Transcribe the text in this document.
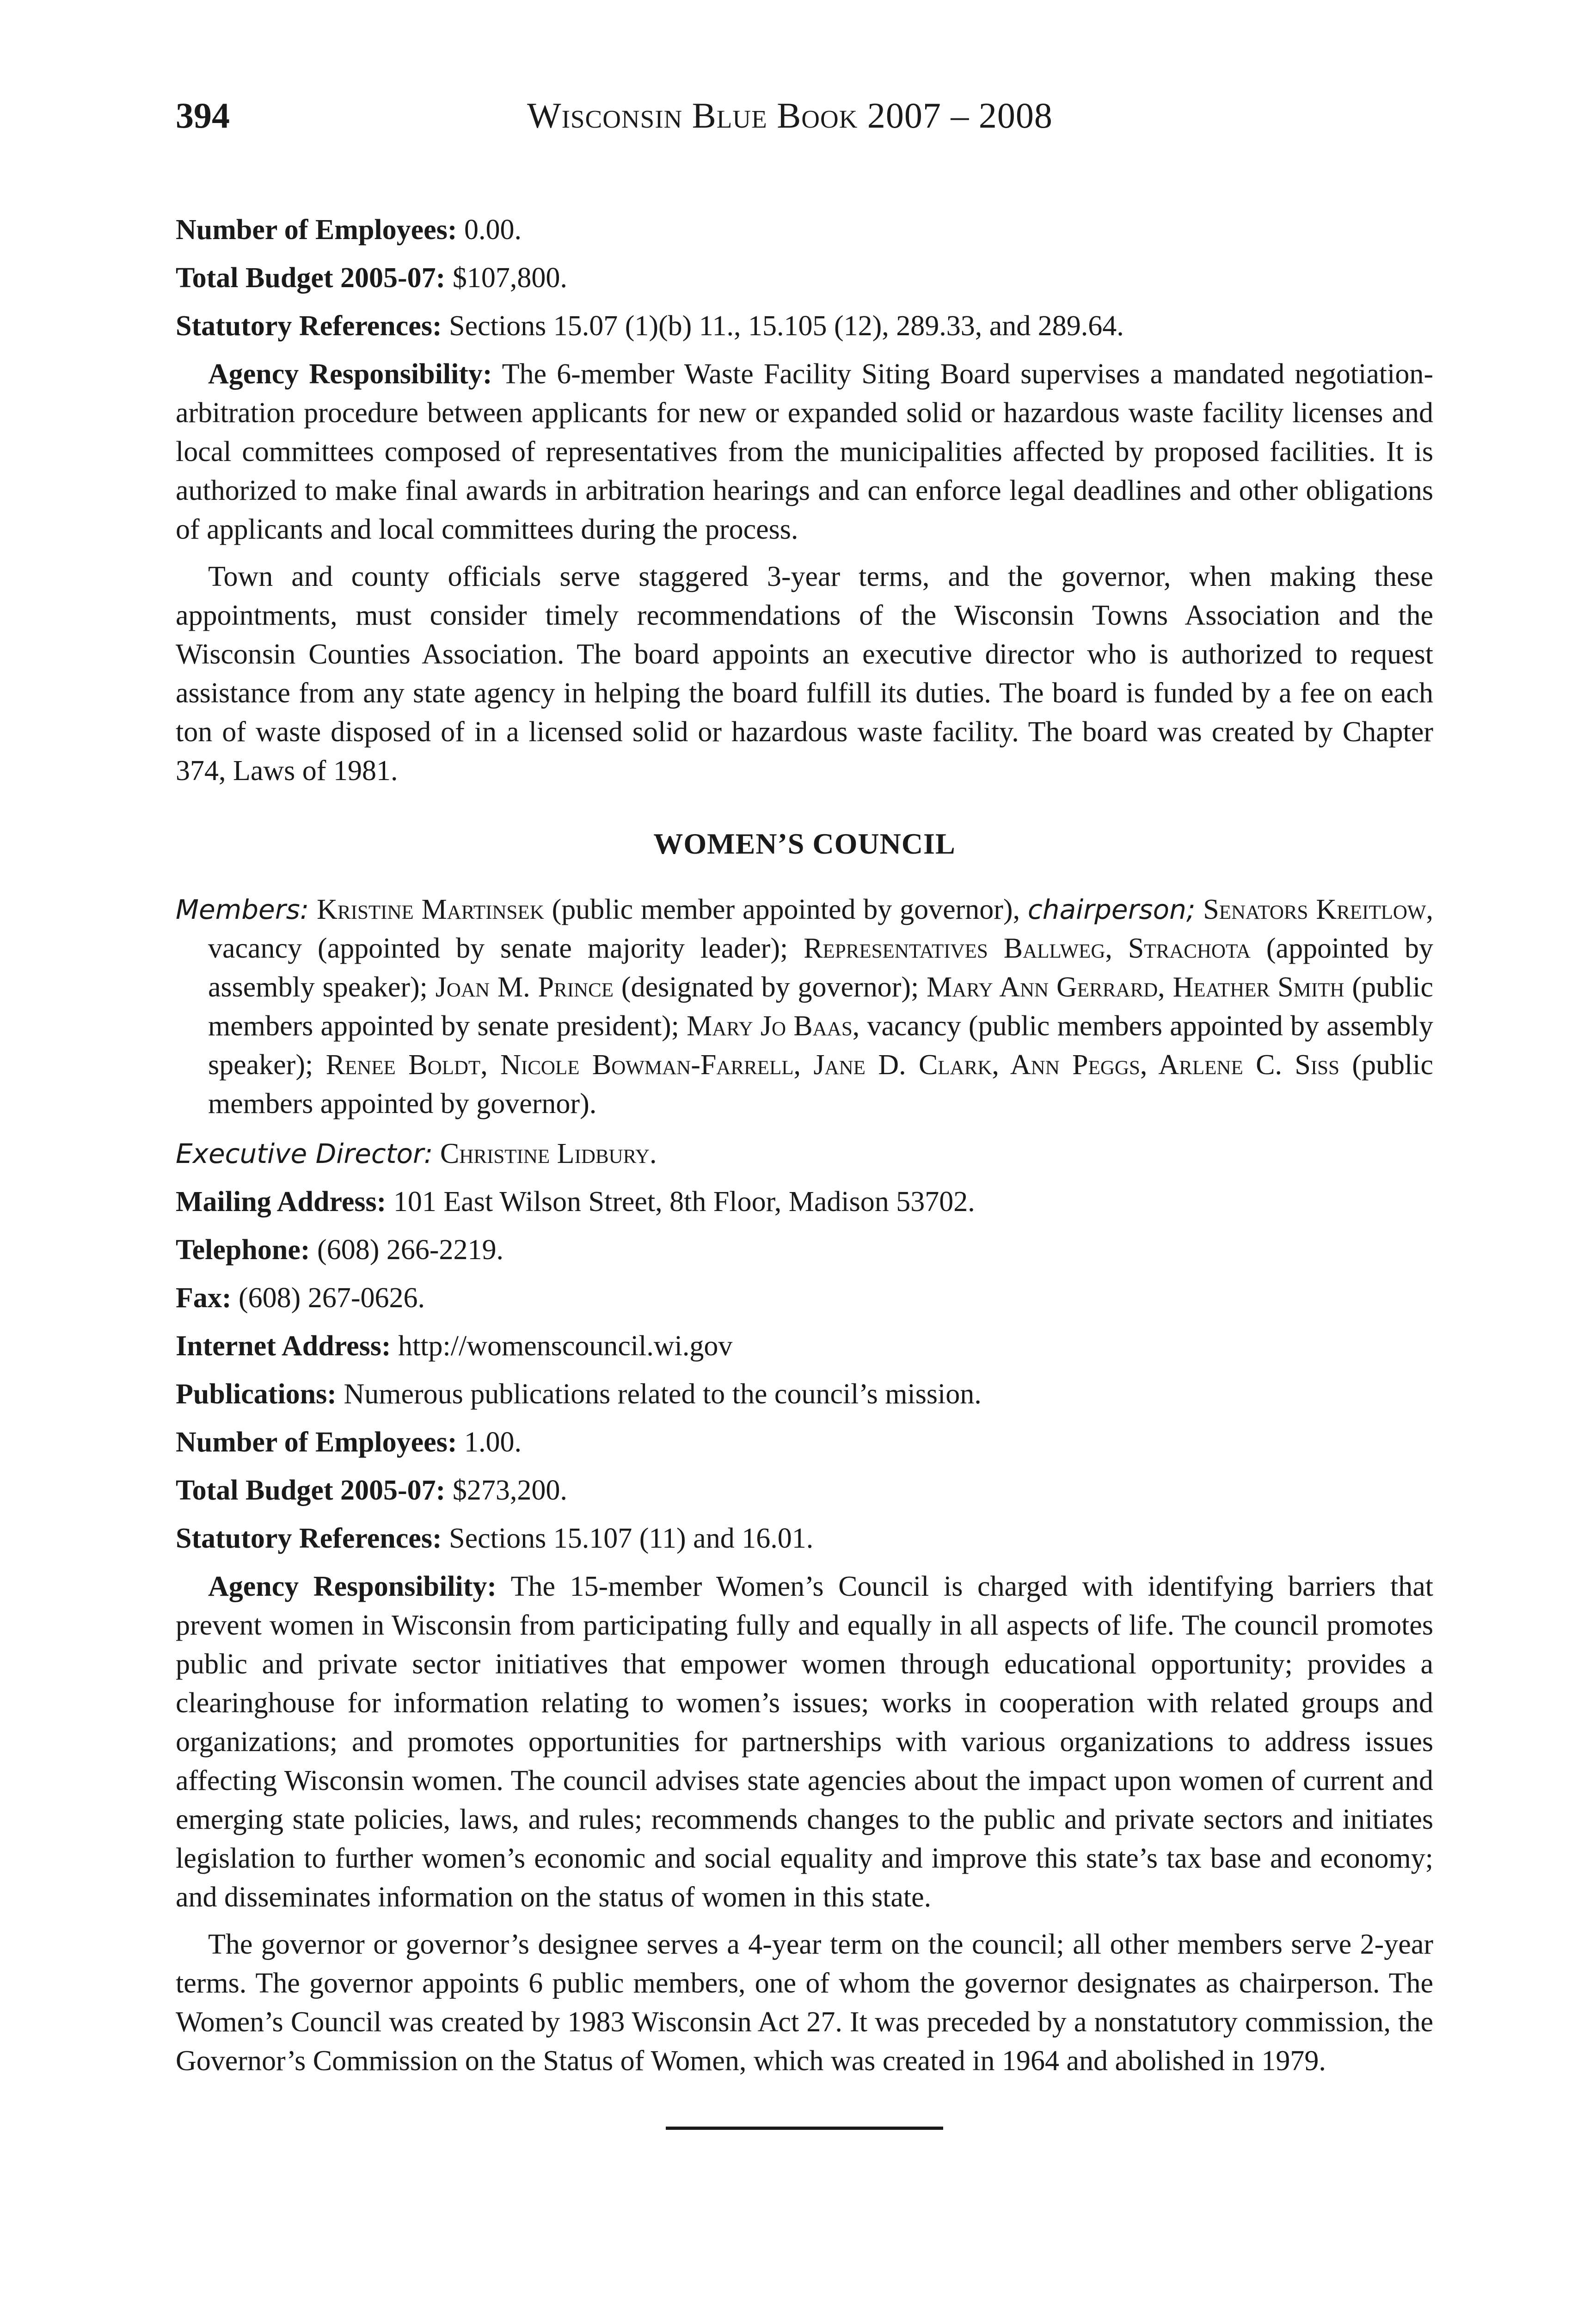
394	Wisconsin Blue Book 2007 – 2008
Number of Employees: 0.00.
Total Budget 2005-07: $107,800.
Statutory References: Sections 15.07 (1)(b) 11., 15.105 (12), 289.33, and 289.64.

Agency Responsibility: The 6-member Waste Facility Siting Board supervises a mandated negotiation-arbitration procedure between applicants for new or expanded solid or hazardous waste facility licenses and local committees composed of representatives from the municipalities affected by proposed facilities. It is authorized to make final awards in arbitration hearings and can enforce legal deadlines and other obligations of applicants and local committees during the process.

Town and county officials serve staggered 3-year terms, and the governor, when making these appointments, must consider timely recommendations of the Wisconsin Towns Association and the Wisconsin Counties Association. The board appoints an executive director who is authorized to request assistance from any state agency in helping the board fulfill its duties. The board is funded by a fee on each ton of waste disposed of in a licensed solid or hazardous waste facility. The board was created by Chapter 374, Laws of 1981.

WOMEN’S COUNCIL

Members: Kristine Martinsek (public member appointed by governor), chairperson; Senators Kreitlow, vacancy (appointed by senate majority leader); Representatives Ballweg, Strachota (appointed by assembly speaker); Joan M. Prince (designated by governor); Mary Ann Gerrard, Heather Smith (public members appointed by senate president); Mary Jo Baas, vacancy (public members appointed by assembly speaker); Renee Boldt, Nicole Bowman-Farrell, Jane D. Clark, Ann Peggs, Arlene C. Siss (public members appointed by governor).

Executive Director: Christine Lidbury.
Mailing Address: 101 East Wilson Street, 8th Floor, Madison 53702.
Telephone: (608) 266-2219.
Fax: (608) 267-0626.
Internet Address: http://womenscouncil.wi.gov
Publications: Numerous publications related to the council’s mission.
Number of Employees: 1.00.
Total Budget 2005-07: $273,200.
Statutory References: Sections 15.107 (11) and 16.01.

Agency Responsibility: The 15-member Women’s Council is charged with identifying barriers that prevent women in Wisconsin from participating fully and equally in all aspects of life. The council promotes public and private sector initiatives that empower women through educational opportunity; provides a clearinghouse for information relating to women’s issues; works in cooperation with related groups and organizations; and promotes opportunities for partnerships with various organizations to address issues affecting Wisconsin women. The council advises state agencies about the impact upon women of current and emerging state policies, laws, and rules; recommends changes to the public and private sectors and initiates legislation to further women’s economic and social equality and improve this state’s tax base and economy; and disseminates information on the status of women in this state.

The governor or governor’s designee serves a 4-year term on the council; all other members serve 2-year terms. The governor appoints 6 public members, one of whom the governor designates as chairperson. The Women’s Council was created by 1983 Wisconsin Act 27. It was preceded by a nonstatutory commission, the Governor’s Commission on the Status of Women, which was created in 1964 and abolished in 1979.
